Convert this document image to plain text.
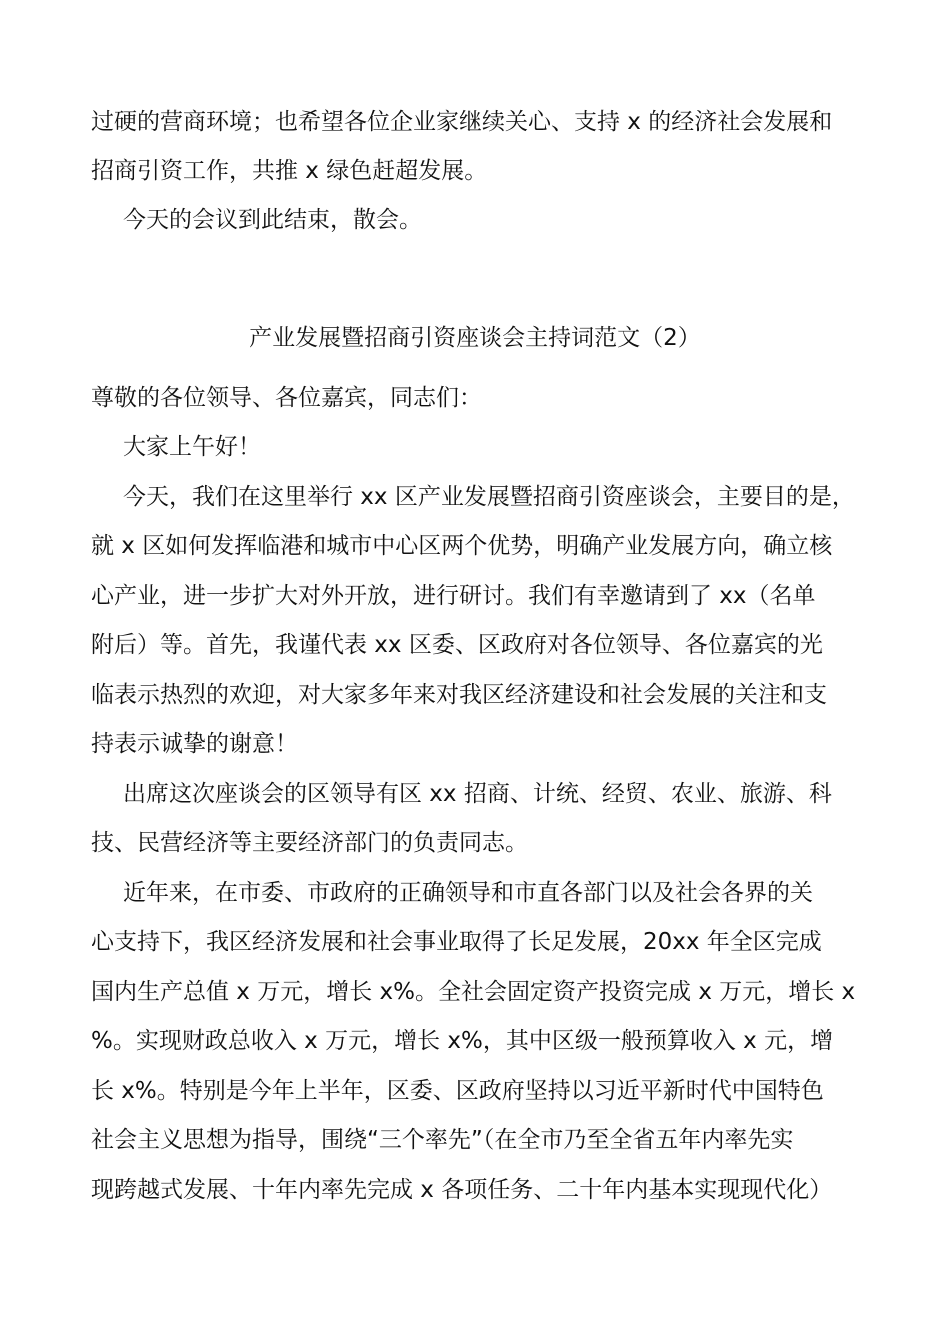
过硬的营商环境；也希望各位企业家继续关心、支持 x 的经济社会发展和
招商引资工作，共推 x 绿色赶超发展。
今天的会议到此结束，散会。
产业发展暨招商引资座谈会主持词范文（2）
尊敬的各位领导、各位嘉宾，同志们：
大家上午好！
今天，我们在这里举行 xx 区产业发展暨招商引资座谈会，主要目的是，
就 x 区如何发挥临港和城市中心区两个优势，明确产业发展方向，确立核
心产业，进一步扩大对外开放，进行研讨。我们有幸邀请到了 xx（名单
附后）等。首先，我谨代表 xx 区委、区政府对各位领导、各位嘉宾的光
临表示热烈的欢迎，对大家多年来对我区经济建设和社会发展的关注和支
持表示诚挚的谢意！
出席这次座谈会的区领导有区 xx 招商、计统、经贸、农业、旅游、科
技、民营经济等主要经济部门的负责同志。
近年来，在市委、市政府的正确领导和市直各部门以及社会各界的关
心支持下，我区经济发展和社会事业取得了长足发展，20xx 年全区完成
国内生产总值 x 万元，增长 x%。全社会固定资产投资完成 x 万元，增长 x
%。实现财政总收入 x 万元，增长 x%，其中区级一般预算收入 x 元，增
长 x%。特别是今年上半年，区委、区政府坚持以习近平新时代中国特色
社会主义思想为指导，围绕“三个率先”（在全市乃至全省五年内率先实
现跨越式发展、十年内率先完成 x 各项任务、二十年内基本实现现代化）
